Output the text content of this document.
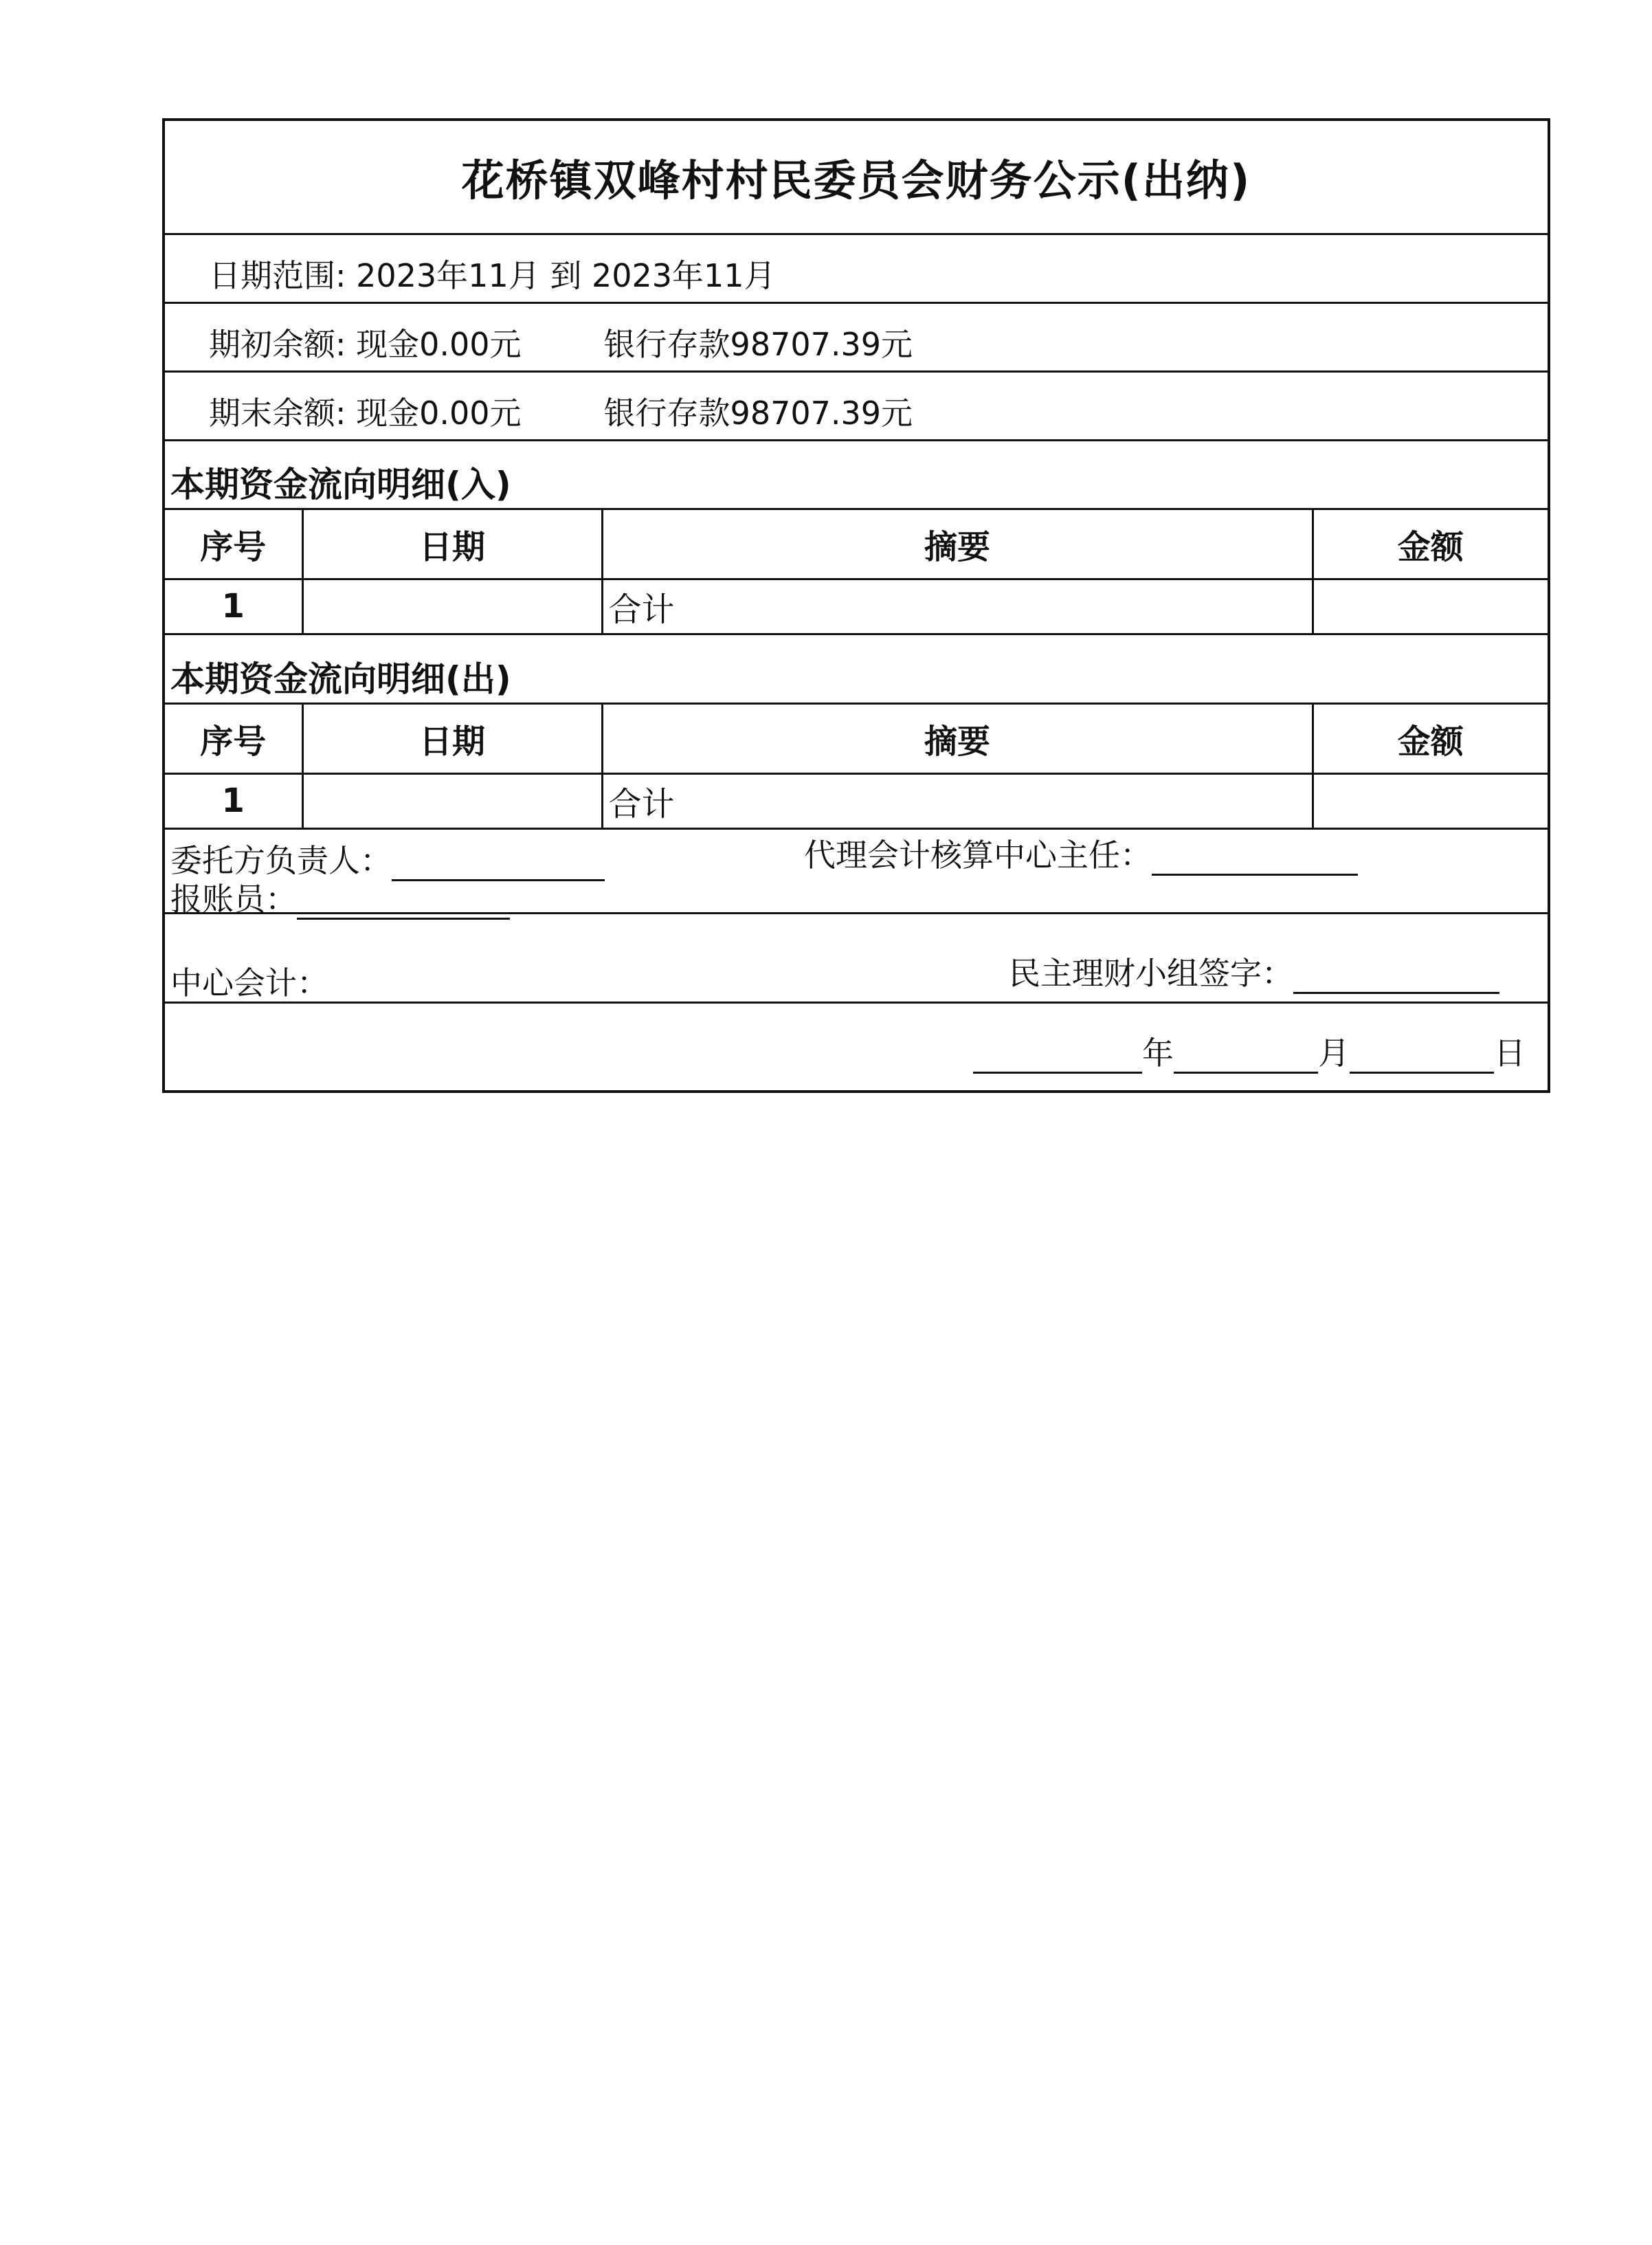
花桥镇双峰村村民委员会财务公示(出纳)
日期范围: 2023年11月 到 2023年11月
期初余额: 现金0.00元	银行存款98707.39元
期末余额: 现金0.00元	银行存款98707.39元
本期资金流向明细(入)
序号	日期	摘要	金额
1		合计	
本期资金流向明细(出)
序号	日期	摘要	金额
1		合计	
委托方负责人：	代理会计核算中心主任：
报账员：
中心会计：	民主理财小组签字：
年	月	日
